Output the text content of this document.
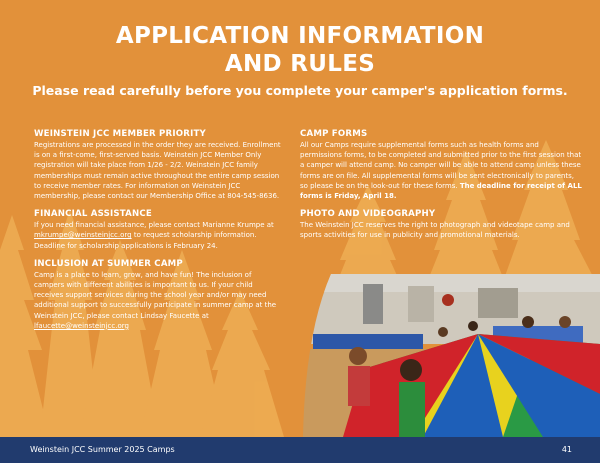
APPLICATION INFORMATION
AND RULES
Please read carefully before you complete your camper's application forms.

WEINSTEIN JCC MEMBER PRIORITY

Registrations are processed in the order they are received. Enrollment is on a first-come, first-served basis. Weinstein JCC Member Only registration will take place from 1/26 - 2/2. Weinstein JCC family memberships must remain active throughout the entire camp session to receive member rates. For information on Weinstein JCC membership, please contact our Membership Office at 804-545-8636.

FINANCIAL ASSISTANCE

If you need financial assistance, please contact Marianne Krumpe at mkrumpe@weinsteinjcc.org to request scholarship information. Deadline for scholarship applications is February 24.

INCLUSION AT SUMMER CAMP

Camp is a place to learn, grow, and have fun! The inclusion of campers with different abilities is important to us. If your child receives support services during the school year and/or may need additional support to successfully participate in summer camp at the Weinstein JCC, please contact Lindsay Faucette at lfaucette@weinsteinjcc.org

CAMP FORMS

All our Camps require supplemental forms such as health forms and permissions forms, to be completed and submitted prior to the first session that a camper will attend camp. No camper will be able to attend camp unless these forms are on file. All supplemental forms will be sent electronically to parents, so please be on the look-out for these forms. The deadline for receipt of ALL forms is Friday, April 18.

PHOTO AND VIDEOGRAPHY

The Weinstein JCC reserves the right to photograph and videotape camp and sports activities for use in publicity and promotional materials.

Weinstein JCC Summer 2025 Camps	41
